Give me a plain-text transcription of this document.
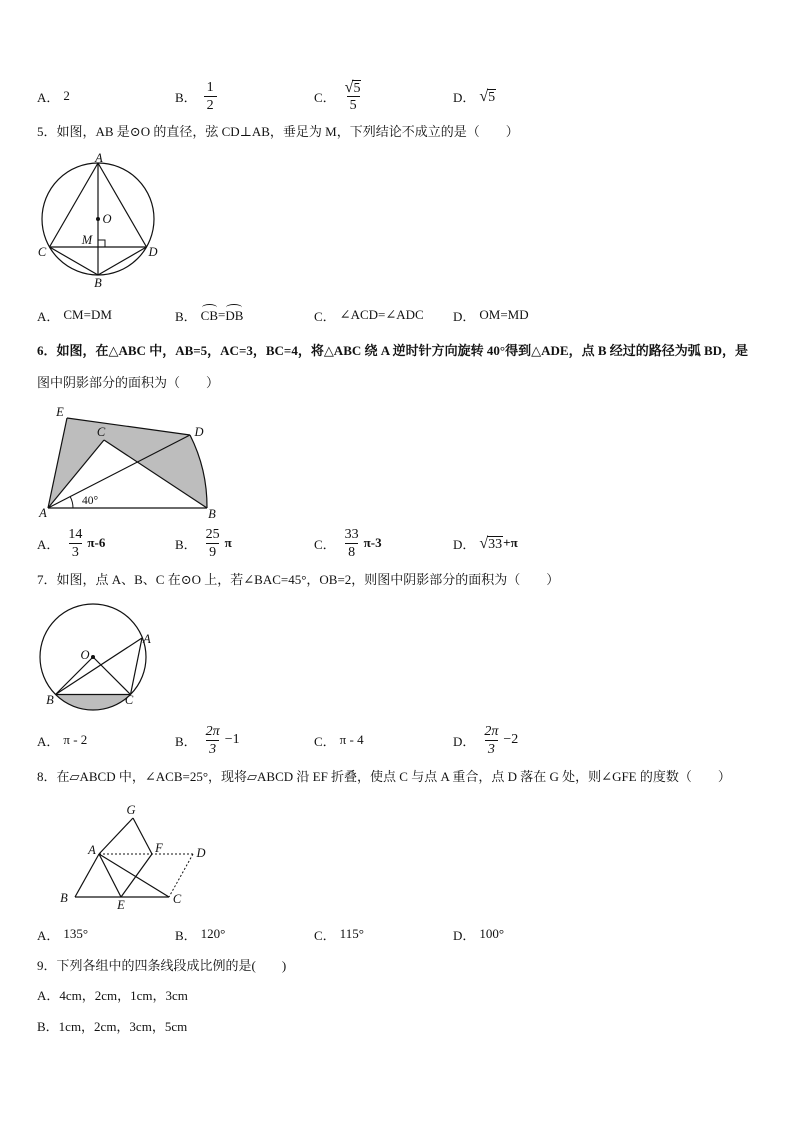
A． 2	B． $\frac{1}{2}$	C． $\frac{√ 5}{5}$	D． √ 5
5．如图，AB 是⊙O 的直径，弦 CD⊥AB，垂足为 M，下列结论不成立的是（　　）
A
O
M
C	D
B
A． CM=DM	B． CB = DB	C． ∠ACD=∠ADC D． OM=MD
6．如图，在△ABC 中，AB=5，AC=3，BC=4，将△ABC 绕 A 逆时针方向旋转 40°得到△ADE，点 B 经过的路径为弧 BD，是
图中阴影部分的面积为（　　）
E
C	D
A	B
40°
A． $\frac{14}{3} \pi-6$	B． $\frac{25}{9}$ π	C． $\frac{33}{8} \pi-3$	D． √ 33 +π
7．如图，点 A、B、C 在⊙O 上，若∠BAC=45°，OB=2，则图中阴影部分的面积为（　　）
O
A
B	C
A． π - 2	B． $\frac{2\pi}{3} -1$	C． π - 4	D． $\frac{2\pi}{3} -2$
8．在▱ABCD 中，∠ACB=25°，现将▱ABCD 沿 EF 折叠，使点 C 与点 A 重合，点 D 落在 G 处，则∠GFE 的度数（　　）
G
A	F	D
B	E	C
A． 135°	B． 120°	C． 115°	D． 100°
9．下列各组中的四条线段成比例的是(　　)
A．4cm，2cm，1cm，3cm
B．1cm，2cm，3cm，5cm
